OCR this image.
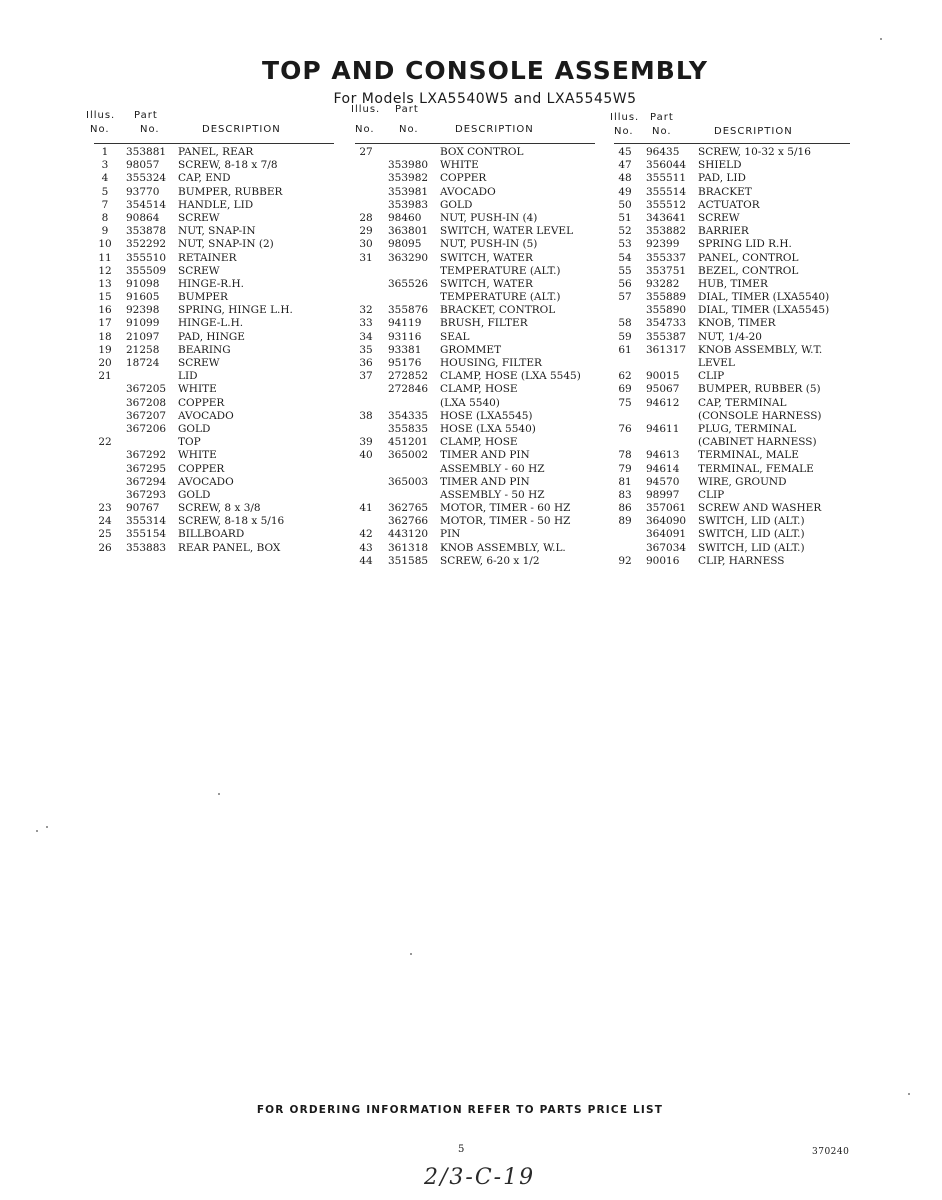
TOP AND CONSOLE ASSEMBLY
For Models LXA5540W5 and LXA5545W5
Illus.
No.
Part
No.	DESCRIPTION
1	353881 PANEL, REAR
3	98057 SCREW, 8-18 x 7/8
4	355324 CAP, END
5	93770 BUMPER, RUBBER
7	354514 HANDLE, LID
8	90864 SCREW
9	353878 NUT, SNAP-IN
10	352292 NUT, SNAP-IN (2)
11	355510 RETAINER
12	355509 SCREW
13	91098 HINGE-R.H.
15	91605 BUMPER
16	92398 SPRING, HINGE L.H.
17	91099 HINGE-L.H.
18	21097 PAD, HINGE
19	21258 BEARING
20	18724 SCREW
21	LID
367205 WHITE
367208 COPPER
367207 AVOCADO
367206 GOLD
22	TOP
367292 WHITE
367295 COPPER
367294 AVOCADO
367293 GOLD
23	90767 SCREW, 8 x 3/8
24	355314 SCREW, 8-18 x 5/16
25	355154 BILLBOARD
26	353883 REAR PANEL, BOX
Illus.
No.
Part
No.	DESCRIPTION
27	BOX CONTROL
353980 WHITE
353982 COPPER
353981 AVOCADO
353983 GOLD
28	98460 NUT, PUSH-IN (4)
29	363801 SWITCH, WATER LEVEL
30	98095 NUT, PUSH-IN (5)
31	363290 SWITCH, WATER
TEMPERATURE (ALT.)
365526 SWITCH, WATER
TEMPERATURE (ALT.)
32	355876 BRACKET, CONTROL
33	94119 BRUSH, FILTER
34	93116 SEAL
35	93381 GROMMET
36	95176 HOUSING, FILTER
37	272852 CLAMP, HOSE (LXA 5545)
272846 CLAMP, HOSE
(LXA 5540)
38	354335 HOSE (LXA5545)
355835 HOSE (LXA 5540)
39	451201 CLAMP, HOSE
40	365002 TIMER AND PIN
ASSEMBLY - 60 HZ
365003 TIMER AND PIN
ASSEMBLY - 50 HZ
41	362765 MOTOR, TIMER - 60 HZ
362766 MOTOR, TIMER - 50 HZ
42	443120 PIN
43	361318 KNOB ASSEMBLY, W.L.
44	351585 SCREW, 6-20 x 1/2
Illus.
No.
Part
No.	DESCRIPTION
45	96435 SCREW, 10-32 x 5/16
47	356044 SHIELD
48	355511 PAD, LID
49	355514 BRACKET
50	355512 ACTUATOR
51	343641 SCREW
52	353882 BARRIER
53	92399 SPRING LID R.H.
54	355337 PANEL, CONTROL
55	353751 BEZEL, CONTROL
56	93282 HUB, TIMER
57	355889 DIAL, TIMER (LXA5540)
355890 DIAL, TIMER (LXA5545)
58	354733 KNOB, TIMER
59	355387 NUT, 1/4-20
61	361317 KNOB ASSEMBLY, W.T.
LEVEL
62	90015 CLIP
69	95067 BUMPER, RUBBER (5)
75	94612 CAP, TERMINAL
(CONSOLE HARNESS)
76	94611 PLUG, TERMINAL
(CABINET HARNESS)
78	94613 TERMINAL, MALE
79	94614 TERMINAL, FEMALE
81	94570 WIRE, GROUND
83	98997 CLIP
86	357061 SCREW AND WASHER
89	364090 SWITCH, LID (ALT.)
364091 SWITCH, LID (ALT.)
367034 SWITCH, LID (ALT.)
92	90016 CLIP, HARNESS
FOR ORDERING INFORMATION REFER TO PARTS PRICE LIST
5	370240
2/3-C-19
